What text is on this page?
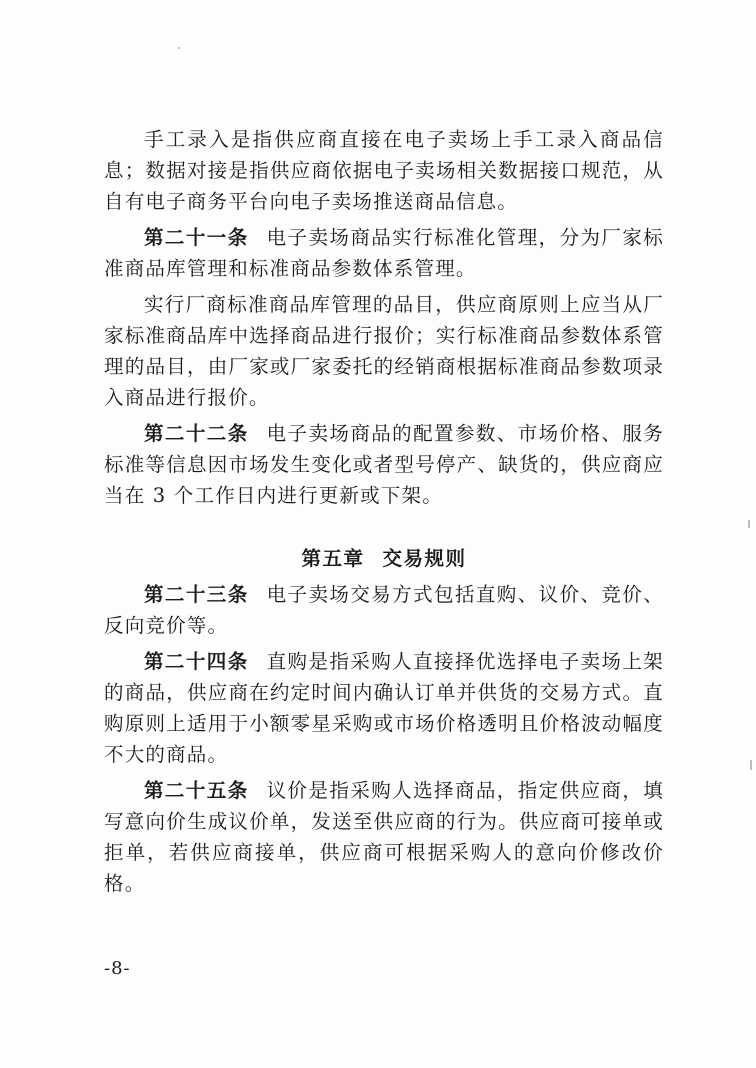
手工录入是指供应商直接在电子卖场上手工录入商品信息；数据对接是指供应商依据电子卖场相关数据接口规范，从自有电子商务平台向电子卖场推送商品信息。

第二十一条 电子卖场商品实行标准化管理，分为厂家标准商品库管理和标准商品参数体系管理。

实行厂商标准商品库管理的品目，供应商原则上应当从厂家标准商品库中选择商品进行报价；实行标准商品参数体系管理的品目，由厂家或厂家委托的经销商根据标准商品参数项录入商品进行报价。

第二十二条 电子卖场商品的配置参数、市场价格、服务标准等信息因市场发生变化或者型号停产、缺货的，供应商应当在 3 个工作日内进行更新或下架。

第五章 交易规则

第二十三条 电子卖场交易方式包括直购、议价、竞价、反向竞价等。

第二十四条 直购是指采购人直接择优选择电子卖场上架的商品，供应商在约定时间内确认订单并供货的交易方式。直购原则上适用于小额零星采购或市场价格透明且价格波动幅度不大的商品。

第二十五条 议价是指采购人选择商品，指定供应商，填写意向价生成议价单，发送至供应商的行为。供应商可接单或拒单，若供应商接单，供应商可根据采购人的意向价修改价格。

-8-
